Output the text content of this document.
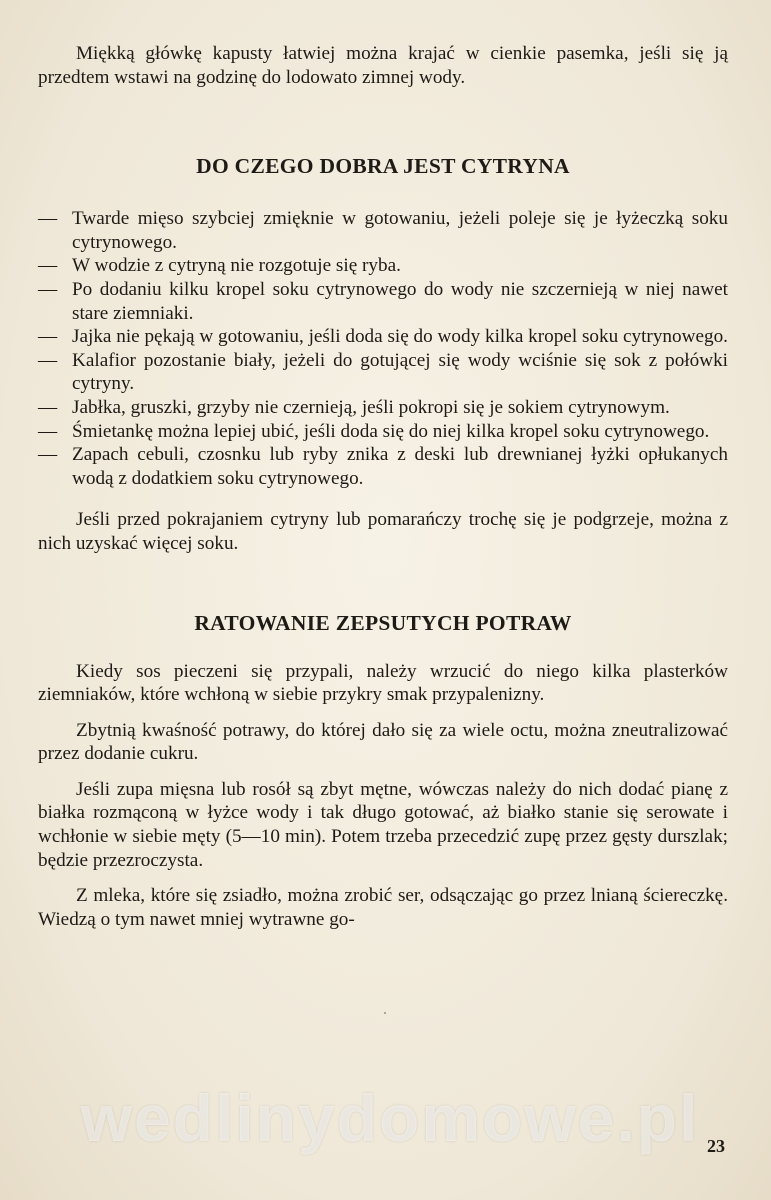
Miękką główkę kapusty łatwiej można krajać w cienkie pasemka, jeśli się ją przedtem wstawi na godzinę do lodowato zimnej wody.

DO CZEGO DOBRA JEST CYTRYNA
— Twarde mięso szybciej zmięknie w gotowaniu, jeżeli poleje się je łyżeczką soku cytrynowego.
— W wodzie z cytryną nie rozgotuje się ryba.
— Po dodaniu kilku kropel soku cytrynowego do wody nie szczernieją w niej nawet stare ziemniaki.
— Jajka nie pękają w gotowaniu, jeśli doda się do wody kilka kropel soku cytrynowego.
— Kalafior pozostanie biały, jeżeli do gotującej się wody wciśnie się sok z połówki cytryny.
— Jabłka, gruszki, grzyby nie czernieją, jeśli pokropi się je sokiem cytrynowym.
— Śmietankę można lepiej ubić, jeśli doda się do niej kilka kropel soku cytrynowego.
— Zapach cebuli, czosnku lub ryby znika z deski lub drewnianej łyżki opłukanych wodą z dodatkiem soku cytrynowego.

Jeśli przed pokrajaniem cytryny lub pomarańczy trochę się je podgrzeje, można z nich uzyskać więcej soku.

RATOWANIE ZEPSUTYCH POTRAW

Kiedy sos pieczeni się przypali, należy wrzucić do niego kilka plasterków ziemniaków, które wchłoną w siebie przykry smak przypalenizny.

Zbytnią kwaśność potrawy, do której dało się za wiele octu, można zneutralizować przez dodanie cukru.

Jeśli zupa mięsna lub rosół są zbyt mętne, wówczas należy do nich dodać pianę z białka rozmąconą w łyżce wody i tak długo gotować, aż białko stanie się serowate i wchłonie w siebie męty (5—10 min). Potem trzeba przecedzić zupę przez gęsty durszlak; będzie przezroczysta.

Z mleka, które się zsiadło, można zrobić ser, odsączając go przez lnianą ściereczkę. Wiedzą o tym nawet mniej wytrawne go-

wedlinydomowe.pl 23
